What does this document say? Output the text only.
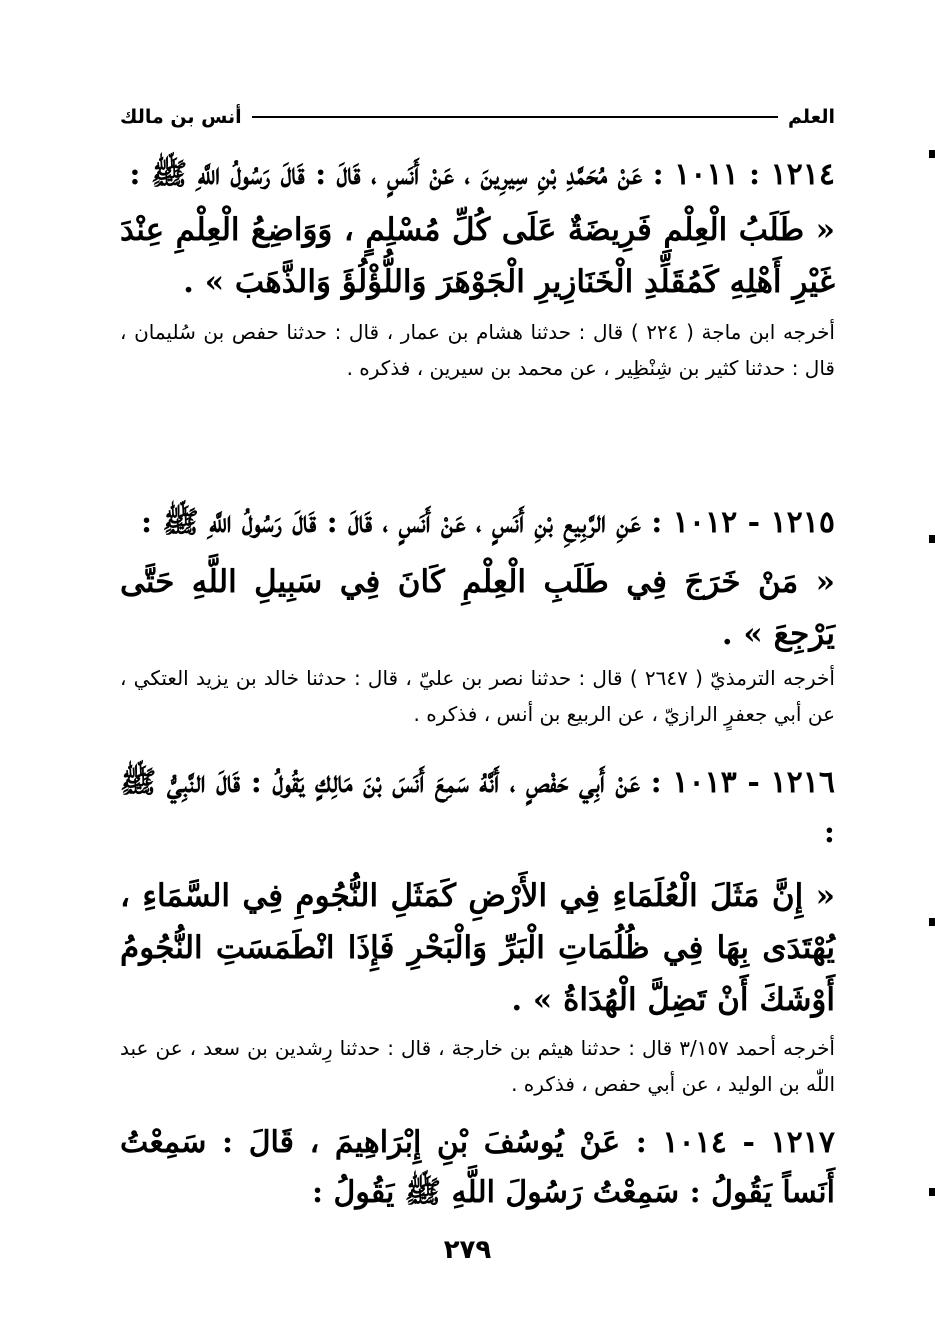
العلم
أنس بن مالك
١٢١٤ : ١٠١١ : عَنْ مُحَمَّدِ بْنِ سِيرِينَ ، عَنْ أَنَسٍ ، قَالَ : قَالَ رَسُولُ اللَّهِ ﷺ :
« طَلَبُ الْعِلْمِ فَرِيضَةٌ عَلَى كُلِّ مُسْلِمٍ ، وَوَاضِعُ الْعِلْمِ عِنْدَ غَيْرِ أَهْلِهِ كَمُقَلِّدِ الْخَنَازِيرِ الْجَوْهَرَ وَاللُّؤْلُؤَ وَالذَّهَبَ » .
أخرجه ابن ماجة ( ٢٢٤ ) قال : حدثنا هشام بن عمار ، قال : حدثنا حفص بن سُليمان ، قال : حدثنا كثير بن شِنْظِير ، عن محمد بن سيرين ، فذكره .
١٢١٥ - ١٠١٢ : عَنِ الرَّبِيعِ بْنِ أَنَسٍ ، عَنْ أَنَسٍ ، قَالَ : قَالَ رَسُولُ اللَّهِ ﷺ :
« مَنْ خَرَجَ فِي طَلَبِ الْعِلْمِ كَانَ فِي سَبِيلِ اللَّهِ حَتَّى يَرْجِعَ » .
أخرجه الترمذيّ ( ٢٦٤٧ ) قال : حدثنا نصر بن عليّ ، قال : حدثنا خالد بن يزيد العتكي ، عن أبي جعفرٍ الرازيّ ، عن الربيع بن أنس ، فذكره .
١٢١٦ - ١٠١٣ : عَنْ أَبِي حَفْصٍ ، أَنَّهُ سَمِعَ أَنَسَ بْنَ مَالِكٍ يَقُولُ : قَالَ النَّبِيُّ ﷺ :
« إِنَّ مَثَلَ الْعُلَمَاءِ فِي الأَرْضِ كَمَثَلِ النُّجُومِ فِي السَّمَاءِ ، يُهْتَدَى بِهَا فِي ظُلُمَاتِ الْبَرِّ وَالْبَحْرِ فَإِذَا انْطَمَسَتِ النُّجُومُ أَوْشَكَ أَنْ تَضِلَّ الْهُدَاةُ » .
أخرجه أحمد ٣/١٥٧ قال : حدثنا هيثم بن خارجة ، قال : حدثنا رِشدين بن سعد ، عن عبد اللّٰه بن الوليد ، عن أبي حفص ، فذكره .
١٢١٧ - ١٠١٤ : عَنْ يُوسُفَ بْنِ إِبْرَاهِيمَ ، قَالَ : سَمِعْتُ أَنَساً يَقُولُ : سَمِعْتُ رَسُولَ اللَّهِ ﷺ يَقُولُ :
٢٧٩
